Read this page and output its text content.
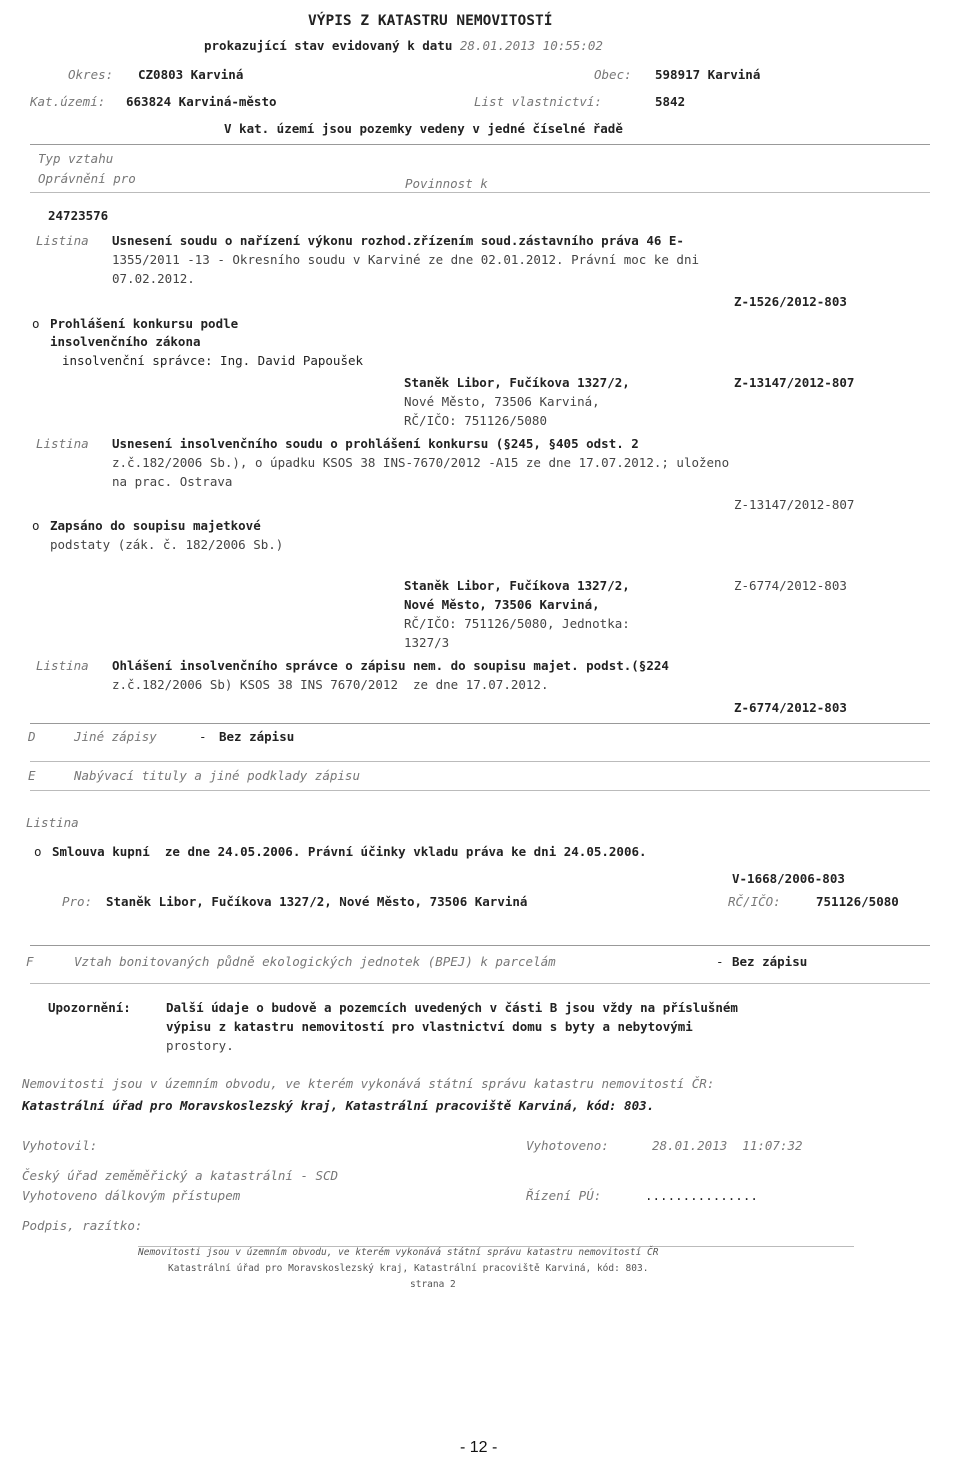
VÝPIS Z KATASTRU NEMOVITOSTÍ
prokazující stav evidovaný k datu 28.01.2013 10:55:02
Okres: CZ0803 Karviná	Obec: 598917 Karviná
Kat.území: 663824 Karviná-město	List vlastnictví:	5842
V kat. území jsou pozemky vedeny v jedné číselné řadě
Typ vztahu
Oprávnění pro	Povinnost k
24723576
Listina Usnesení soudu o nařízení výkonu rozhod.zřízením soud.zástavního práva 46 E-
1355/2011 -13 - Okresního soudu v Karviné ze dne 02.01.2012. Právní moc ke dni
07.02.2012.
Z-1526/2012-803
o Prohlášení konkursu podle
insolvenčního zákona
insolvenční správce: Ing. David Papoušek
Staněk Libor, Fučíkova 1327/2,	Z-13147/2012-807
Nové Město, 73506 Karviná,
RČ/IČO: 751126/5080
Listina Usnesení insolvenčního soudu o prohlášení konkursu (§245, §405 odst. 2
z.č.182/2006 Sb.), o úpadku KSOS 38 INS-7670/2012 -A15 ze dne 17.07.2012.; uloženo
na prac. Ostrava
Z-13147/2012-807
o Zapsáno do soupisu majetkové
podstaty (zák. č. 182/2006 Sb.)
Staněk Libor, Fučíkova 1327/2,	Z-6774/2012-803
Nové Město, 73506 Karviná,
RČ/IČO: 751126/5080, Jednotka:
1327/3
Listina Ohlášení insolvenčního správce o zápisu nem. do soupisu majet. podst.(§224
z.č.182/2006 Sb) KSOS 38 INS 7670/2012  ze dne 17.07.2012.
Z-6774/2012-803
D	Jiné zápisy	- Bez zápisu
E	Nabývací tituly a jiné podklady zápisu
Listina
o Smlouva kupní  ze dne 24.05.2006. Právní účinky vkladu práva ke dni 24.05.2006.
V-1668/2006-803
Pro: Staněk Libor, Fučíkova 1327/2, Nové Město, 73506 Karviná	RČ/IČO:	751126/5080
F	Vztah bonitovaných půdně ekologických jednotek (BPEJ) k parcelám	- Bez zápisu
Upozornění:	Další údaje o budově a pozemcích uvedených v části B jsou vždy na příslušném
výpisu z katastru nemovitostí pro vlastnictví domu s byty a nebytovými
prostory.
Nemovitosti jsou v územním obvodu, ve kterém vykonává státní správu katastru nemovitostí ČR:
Katastrální úřad pro Moravskoslezský kraj, Katastrální pracoviště Karviná, kód: 803.
Vyhotovil:	Vyhotoveno:	28.01.2013  11:07:32
Český úřad zeměměřický a katastrální - SCD
Vyhotoveno dálkovým přístupem	Řízení PÚ:	...............
Podpis, razítko:
Nemovitosti jsou v územním obvodu, ve kterém vykonává státní správu katastru nemovitostí ČR
Katastrální úřad pro Moravskoslezský kraj, Katastrální pracoviště Karviná, kód: 803.
strana 2
- 12 -
